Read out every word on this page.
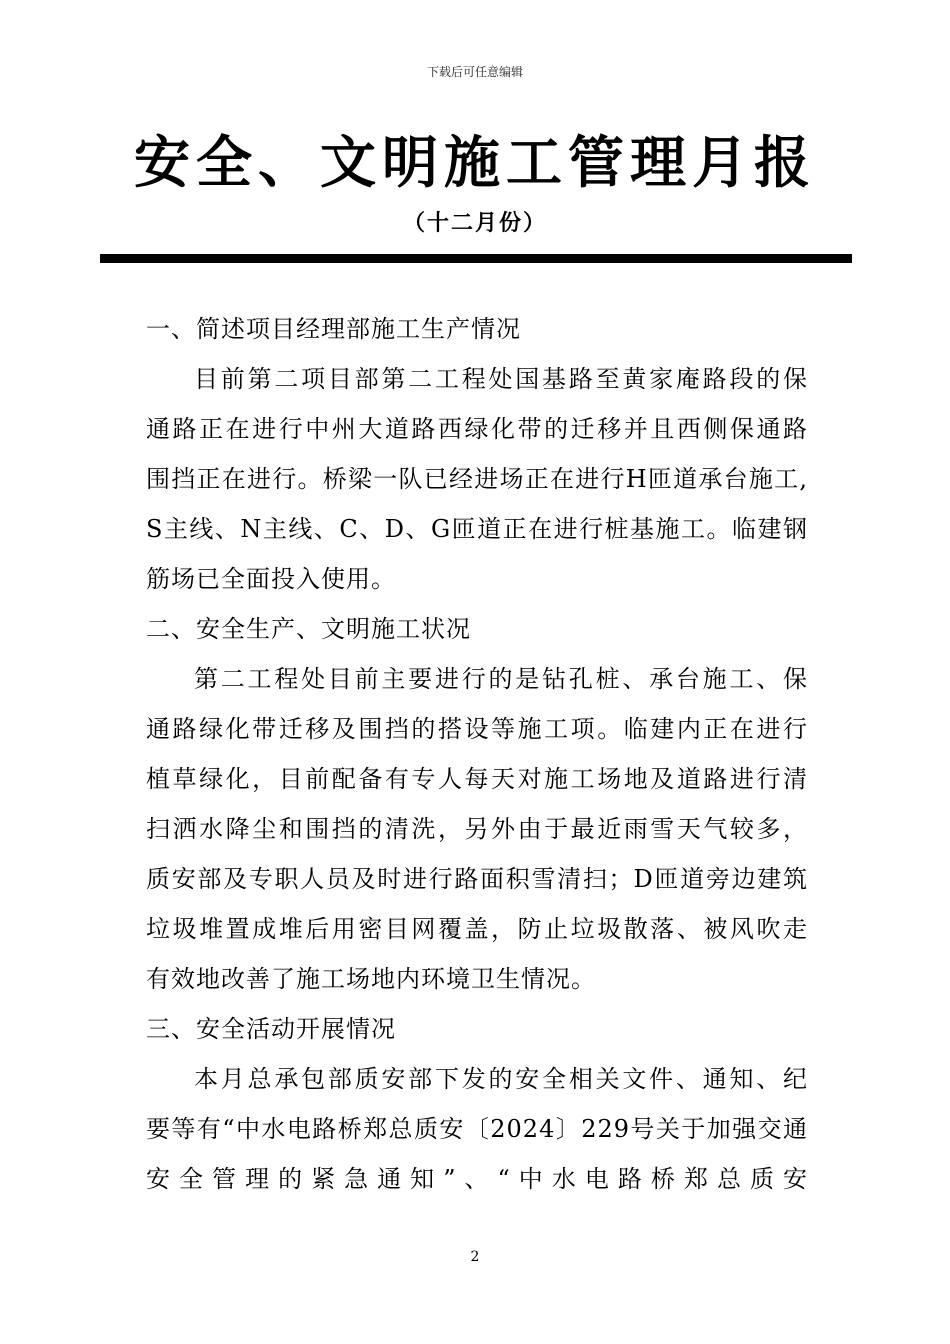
下载后可任意编辑
安全、文明施工管理月报
（十二月份）
一、简述项目经理部施工生产情况
目前第二项目部第二工程处国基路至黄家庵路段的保
通路正在进行中州大道路西绿化带的迁移并且西侧保通路
围挡正在进行。桥梁一队已经进场正在进行H匝道承台施工,
S主线、N主线、C、D、G匝道正在进行桩基施工。临建钢
筋场已全面投入使用。
二、安全生产、文明施工状况
第二工程处目前主要进行的是钻孔桩、承台施工、保
通路绿化带迁移及围挡的搭设等施工项。临建内正在进行
植草绿化，目前配备有专人每天对施工场地及道路进行清
扫洒水降尘和围挡的清洗，另外由于最近雨雪天气较多，
质安部及专职人员及时进行路面积雪清扫；D匝道旁边建筑
垃圾堆置成堆后用密目网覆盖，防止垃圾散落、被风吹走
有效地改善了施工场地内环境卫生情况。
三、安全活动开展情况
本月总承包部质安部下发的安全相关文件、通知、纪
要等有“中水电路桥郑总质安〔2024〕229号关于加强交通
安全管理的紧急通知”、“中水电路桥郑总质安
2
